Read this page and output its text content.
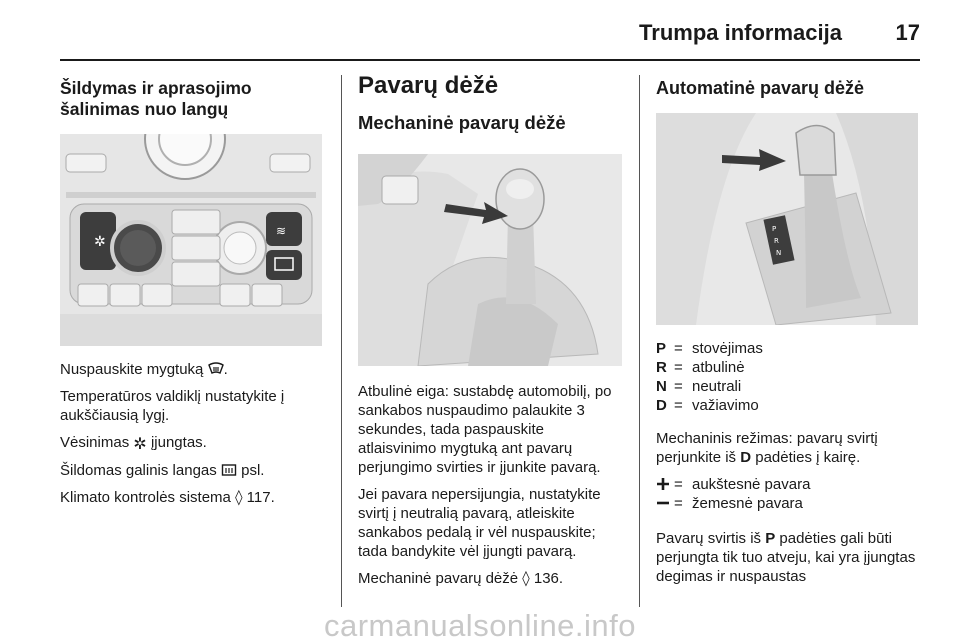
Trumpa informacija 17
Šildymas ir aprasojimo šalinimas nuo langų
✲
≋

Nuspauskite mygtuką .

Temperatūros valdiklį nustatykite į aukščiausią lygį.

Vėsinimas ✲ įjungtas.

Šildomas galinis langas psl.

Klimato kontrolės sistema ◊ 117.

Pavarų dėžė
Mechaninė pavarų dėžė

Atbulinė eiga: sustabdę automobilį, po sankabos nuspaudimo palaukite 3 sekundes, tada paspauskite atlaisvinimo mygtuką ant pavarų perjungimo svirties ir įjunkite pavarą.

Jei pavara nepersijungia, nustatykite svirtį į neutralią pavarą, atleiskite sankabos pedalą ir vėl nuspauskite; tada bandykite vėl įjungti pavarą.

Mechaninė pavarų dėžė ◊ 136.

Automatinė pavarų dėžė
P
R
N
P = stovėjimas
R = atbulinė
N = neutrali
D = važiavimo

Mechaninis režimas: pavarų svirtį perjunkite iš D padėties į kairę.

= aukštesnė pavara
= žemesnė pavara

Pavarų svirtis iš P padėties gali būti perjungta tik tuo atveju, kai yra įjungtas degimas ir nuspaustas

carmanualsonline.info
